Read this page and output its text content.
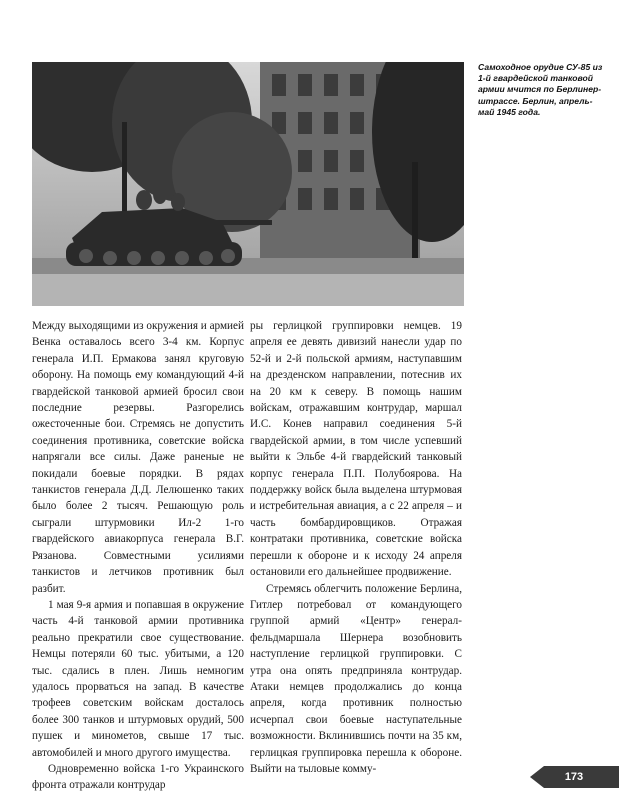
Самоходное орудие СУ-85 из 1-й гвардейской танковой армии мчится по Берлинер-штрассе. Берлин, апрель-май 1945 года.

Между выходящими из окружения и армией Венка оставалось всего 3-4 км. Корпус генерала И.П. Ермакова занял круговую оборону. На помощь ему командующий 4-й гвардейской танковой армией бросил свои последние резервы. Разгорелись ожесточенные бои. Стремясь не допустить соединения противника, советские войска напрягали все силы. Даже раненые не покидали боевые порядки. В рядах танкистов генерала Д.Д. Лелюшенко таких было более 2 тысяч. Решающую роль сыграли штурмовики Ил-2 1-го гвардейского авиакорпуса генерала В.Г. Рязанова. Совместными усилиями танкистов и летчиков противник был разбит.

1 мая 9-я армия и попавшая в окружение часть 4-й танковой армии противника реально прекратили свое существование. Немцы потеряли 60 тыс. убитыми, а 120 тыс. сдались в плен. Лишь немногим удалось прорваться на запад. В качестве трофеев советским войскам досталось более 300 танков и штурмовых орудий, 500 пушек и минометов, свыше 17 тыс. автомобилей и много другого имущества.

Одновременно войска 1-го Украинского фронта отражали контрудар

ры герлицкой группировки немцев. 19 апреля ее девять дивизий нанесли удар по 52-й и 2-й польской армиям, наступавшим на дрезденском направлении, потеснив их на 20 км к северу. В помощь нашим войскам, отражавшим контрудар, маршал И.С. Конев направил соединения 5-й гвардейской армии, в том числе успевший выйти к Эльбе 4-й гвардейский танковый корпус генерала П.П. Полубоярова. На поддержку войск была выделена штурмовая и истребительная авиация, а с 22 апреля – и часть бомбардировщиков. Отражая контратаки противника, советские войска перешли к обороне и к исходу 24 апреля остановили его дальнейшее продвижение.

Стремясь облегчить положение Берлина, Гитлер потребовал от командующего группой армий «Центр» генерал-фельдмаршала Шернера возобновить наступление герлицкой группировки. С утра она опять предприняла контрудар. Атаки немцев продолжались до конца апреля, когда противник полностью исчерпал свои боевые наступательные возможности. Вклинившись почти на 35 км, герлицкая группировка перешла к обороне. Выйти на тыловые комму-

173
